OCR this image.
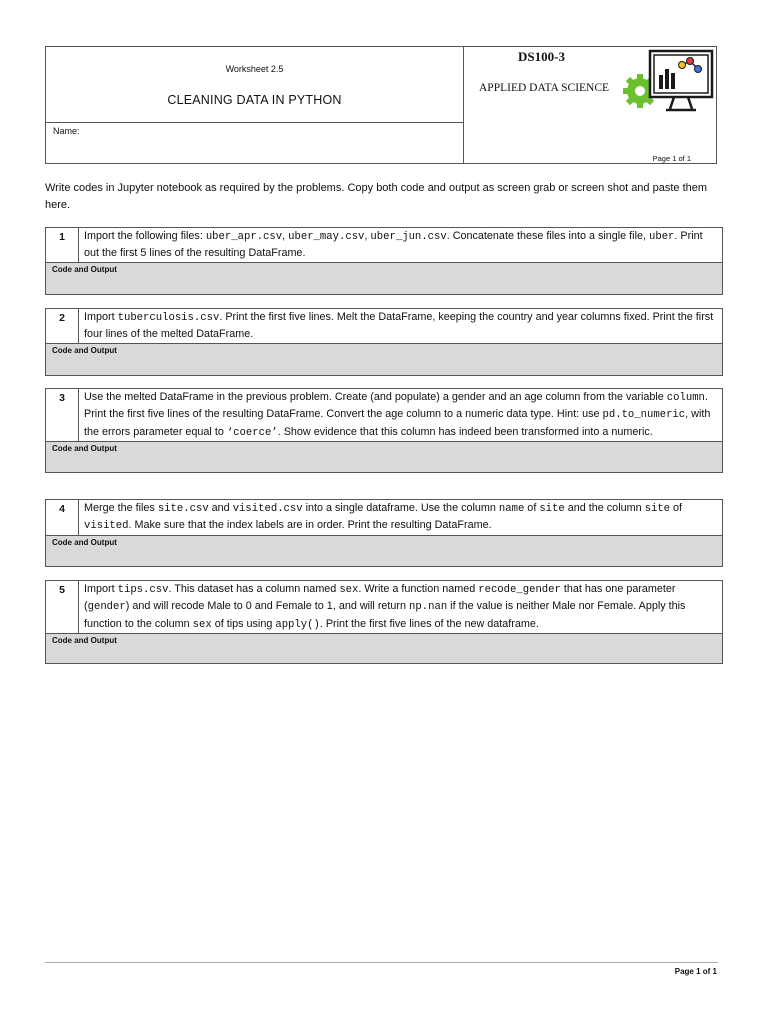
Worksheet 2.5
CLEANING DATA IN PYTHON
Name:
DS100-3
APPLIED DATA SCIENCE
Page 1 of 1
Write codes in Jupyter notebook as required by the problems. Copy both code and output as screen grab or screen shot and paste them here.
1	Import the following files: uber_apr.csv, uber_may.csv, uber_jun.csv. Concatenate these files into a single file, uber. Print out the first 5 lines of the resulting DataFrame.
Code and Output
2	Import tuberculosis.csv. Print the first five lines. Melt the DataFrame, keeping the country and year columns fixed. Print the first four lines of the melted DataFrame.
Code and Output
3	Use the melted DataFrame in the previous problem. Create (and populate) a gender and an age column from the variable column. Print the first five lines of the resulting DataFrame. Convert the age column to a numeric data type. Hint: use pd.to_numeric, with the errors parameter equal to ‘coerce’. Show evidence that this column has indeed been transformed into a numeric.
Code and Output
4	Merge the files site.csv and visited.csv into a single dataframe. Use the column name of site and the column site of visited. Make sure that the index labels are in order. Print the resulting DataFrame.
Code and Output
5	Import tips.csv. This dataset has a column named sex. Write a function named recode_gender that has one parameter (gender) and will recode Male to 0 and Female to 1, and will return np.nan if the value is neither Male nor Female. Apply this function to the column sex of tips using apply(). Print the first five lines of the new dataframe.
Code and Output
Page 1 of 1
